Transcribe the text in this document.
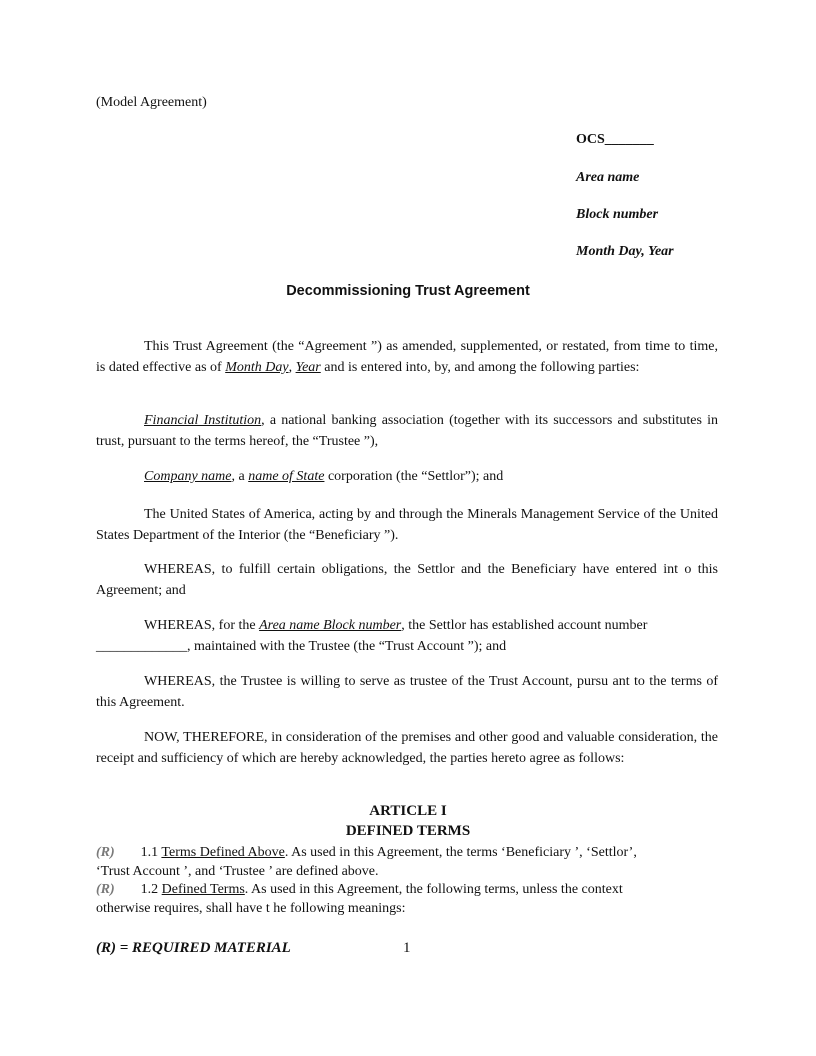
(Model Agreement)
OCS_______
Area name
Block number
Month Day, Year
Decommissioning Trust Agreement
This Trust Agreement (the “Agreement ”) as amended, supplemented, or restated, from time to time, is dated effective as of Month Day, Year and is entered into, by, and among the following parties:
Financial Institution, a national banking association (together with its successors and substitutes in trust, pursuant to the terms hereof, the “Trustee ”),
Company name, a name of State corporation (the “Settlor”); and
The United States of America, acting by and through the Minerals Management Service of the United States Department of the Interior (the “Beneficiary ”).
WHEREAS, to fulfill certain obligations, the Settlor and the Beneficiary have entered int o this Agreement; and
WHEREAS, for the Area name Block number, the Settlor has established account number
_____________, maintained with the Trustee (the “Trust Account ”); and
WHEREAS, the Trustee is willing to serve as trustee of the Trust Account, pursu ant to the terms of this Agreement.
NOW, THEREFORE, in consideration of the premises and other good and valuable consideration, the receipt and sufficiency of which are hereby acknowledged, the parties hereto agree as follows:
ARTICLE I
DEFINED TERMS
(R) 1.1 Terms Defined Above. As used in this Agreement, the terms ‘Beneficiary ’, ‘Settlor’,
‘Trust Account ’, and ‘Trustee ’ are defined above.
(R) 1.2 Defined Terms. As used in this Agreement, the following terms, unless the context
otherwise requires, shall have t he following meanings:
(R) = REQUIRED MATERIAL	1
